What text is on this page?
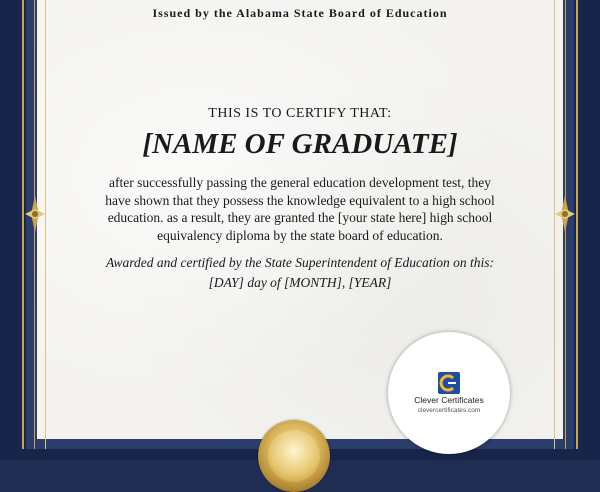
Issued by the Alabama State Board of Education
THIS IS TO CERTIFY THAT:
[NAME OF GRADUATE]
after successfully passing the general education development test, they
have shown that they possess the knowledge equivalent to a high school
education. as a result, they are granted the [your state here] high school
equivalency diploma by the state board of education.
Awarded and certified by the State Superintendent of Education on this:
[DAY] day of [MONTH], [YEAR]
Clever Certificates
clevercertificates.com
